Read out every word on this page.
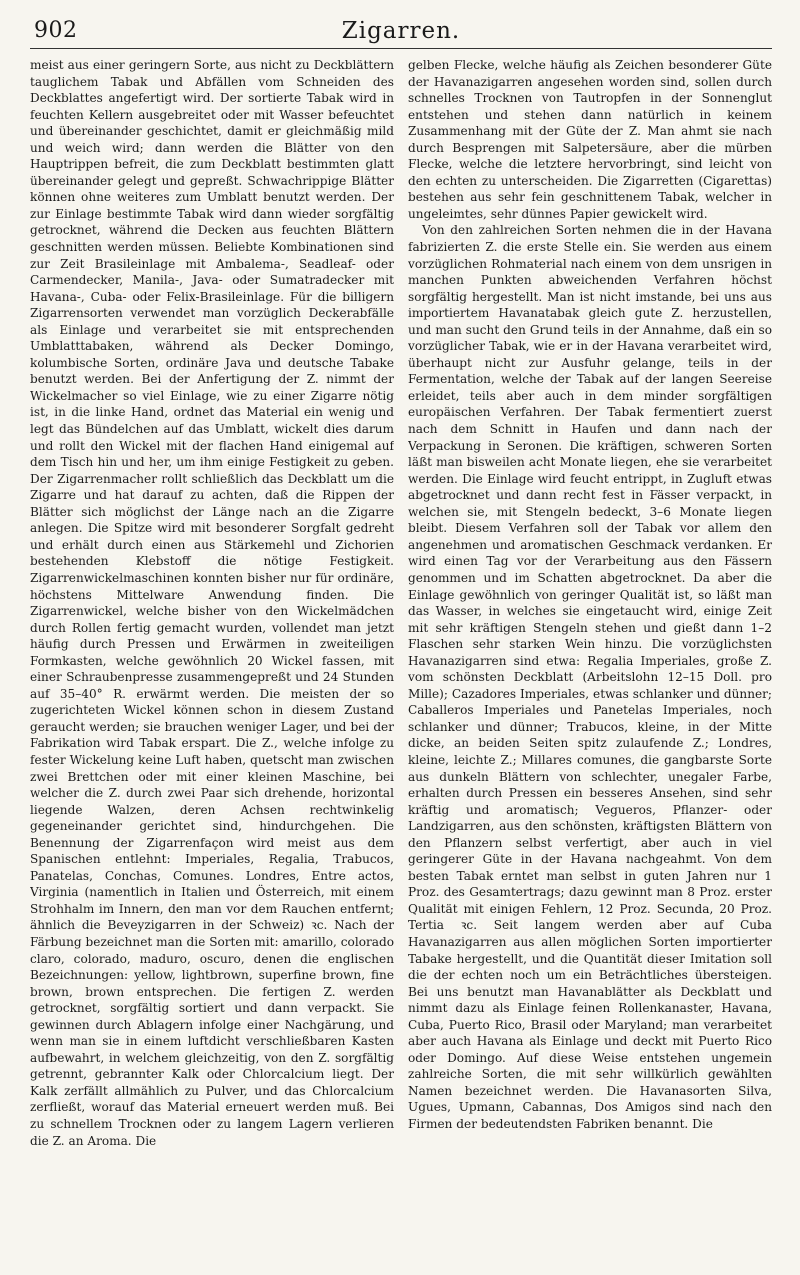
902	Zigarren.

meist aus einer geringern Sorte, aus nicht zu Deckblättern tauglichem Tabak und Abfällen vom Schneiden des Deckblattes angefertigt wird. Der sortierte Tabak wird in feuchten Kellern ausgebreitet oder mit Wasser befeuchtet und übereinander geschichtet, damit er gleichmäßig mild und weich wird; dann werden die Blätter von den Hauptrippen befreit, die zum Deckblatt bestimmten glatt übereinander gelegt und gepreßt. Schwachrippige Blätter können ohne weiteres zum Umblatt benutzt werden. Der zur Einlage bestimmte Tabak wird dann wieder sorgfältig getrocknet, während die Decken aus feuchten Blättern geschnitten werden müssen. Beliebte Kombinationen sind zur Zeit Brasileinlage mit Ambalema-, Seadleaf- oder Carmendecker, Manila-, Java- oder Sumatradecker mit Havana-, Cuba- oder Felix-Brasileinlage. Für die billigern Zigarrensorten verwendet man vorzüglich Deckerabfälle als Einlage und verarbeitet sie mit entsprechenden Umblatttabaken, während als Decker Domingo, kolumbische Sorten, ordinäre Java und deutsche Tabake benutzt werden. Bei der Anfertigung der Z. nimmt der Wickelmacher so viel Einlage, wie zu einer Zigarre nötig ist, in die linke Hand, ordnet das Material ein wenig und legt das Bündelchen auf das Umblatt, wickelt dies darum und rollt den Wickel mit der flachen Hand einigemal auf dem Tisch hin und her, um ihm einige Festigkeit zu geben. Der Zigarrenmacher rollt schließlich das Deckblatt um die Zigarre und hat darauf zu achten, daß die Rippen der Blätter sich möglichst der Länge nach an die Zigarre anlegen. Die Spitze wird mit besonderer Sorgfalt gedreht und erhält durch einen aus Stärkemehl und Zichorien bestehenden Klebstoff die nötige Festigkeit. Zigarrenwickelmaschinen konnten bisher nur für ordinäre, höchstens Mittelware Anwendung finden. Die Zigarrenwickel, welche bisher von den Wickelmädchen durch Rollen fertig gemacht wurden, vollendet man jetzt häufig durch Pressen und Erwärmen in zweiteiligen Formkasten, welche gewöhnlich 20 Wickel fassen, mit einer Schraubenpresse zusammengepreßt und 24 Stunden auf 35–40° R. erwärmt werden. Die meisten der so zugerichteten Wickel können schon in diesem Zustand geraucht werden; sie brauchen weniger Lager, und bei der Fabrikation wird Tabak erspart. Die Z., welche infolge zu fester Wickelung keine Luft haben, quetscht man zwischen zwei Brettchen oder mit einer kleinen Maschine, bei welcher die Z. durch zwei Paar sich drehende, horizontal liegende Walzen, deren Achsen rechtwinkelig gegeneinander gerichtet sind, hindurchgehen. Die Benennung der Zigarrenfaçon wird meist aus dem Spanischen entlehnt: Imperiales, Regalia, Trabucos, Panatelas, Conchas, Comunes. Londres, Entre actos, Virginia (namentlich in Italien und Österreich, mit einem Strohhalm im Innern, den man vor dem Rauchen entfernt; ähnlich die Beveyzigarren in der Schweiz) ꝛc. Nach der Färbung bezeichnet man die Sorten mit: amarillo, colorado claro, colorado, maduro, oscuro, denen die englischen Bezeichnungen: yellow, lightbrown, superfine brown, fine brown, brown entsprechen. Die fertigen Z. werden getrocknet, sorgfältig sortiert und dann verpackt. Sie gewinnen durch Ablagern infolge einer Nachgärung, und wenn man sie in einem luftdicht verschließbaren Kasten aufbewahrt, in welchem gleichzeitig, von den Z. sorgfältig getrennt, gebrannter Kalk oder Chlorcalcium liegt. Der Kalk zerfällt allmählich zu Pulver, und das Chlorcalcium zerfließt, worauf das Material erneuert werden muß. Bei zu schnellem Trocknen oder zu langem Lagern verlieren die Z. an Aroma. Die

gelben Flecke, welche häufig als Zeichen besonderer Güte der Havanazigarren angesehen worden sind, sollen durch schnelles Trocknen von Tautropfen in der Sonnenglut entstehen und stehen dann natürlich in keinem Zusammenhang mit der Güte der Z. Man ahmt sie nach durch Besprengen mit Salpetersäure, aber die mürben Flecke, welche die letztere hervorbringt, sind leicht von den echten zu unterscheiden. Die Zigarretten (Cigarettas) bestehen aus sehr fein geschnittenem Tabak, welcher in ungeleimtes, sehr dünnes Papier gewickelt wird.

Von den zahlreichen Sorten nehmen die in der Havana fabrizierten Z. die erste Stelle ein. Sie werden aus einem vorzüglichen Rohmaterial nach einem von dem unsrigen in manchen Punkten abweichenden Verfahren höchst sorgfältig hergestellt. Man ist nicht imstande, bei uns aus importiertem Havanatabak gleich gute Z. herzustellen, und man sucht den Grund teils in der Annahme, daß ein so vorzüglicher Tabak, wie er in der Havana verarbeitet wird, überhaupt nicht zur Ausfuhr gelange, teils in der Fermentation, welche der Tabak auf der langen Seereise erleidet, teils aber auch in dem minder sorgfältigen europäischen Verfahren. Der Tabak fermentiert zuerst nach dem Schnitt in Haufen und dann nach der Verpackung in Seronen. Die kräftigen, schweren Sorten läßt man bisweilen acht Monate liegen, ehe sie verarbeitet werden. Die Einlage wird feucht entrippt, in Zugluft etwas abgetrocknet und dann recht fest in Fässer verpackt, in welchen sie, mit Stengeln bedeckt, 3–6 Monate liegen bleibt. Diesem Verfahren soll der Tabak vor allem den angenehmen und aromatischen Geschmack verdanken. Er wird einen Tag vor der Verarbeitung aus den Fässern genommen und im Schatten abgetrocknet. Da aber die Einlage gewöhnlich von geringer Qualität ist, so läßt man das Wasser, in welches sie eingetaucht wird, einige Zeit mit sehr kräftigen Stengeln stehen und gießt dann 1–2 Flaschen sehr starken Wein hinzu. Die vorzüglichsten Havanazigarren sind etwa: Regalia Imperiales, große Z. vom schönsten Deckblatt (Arbeitslohn 12–15 Doll. pro Mille); Cazadores Imperiales, etwas schlanker und dünner; Caballeros Imperiales und Panetelas Imperiales, noch schlanker und dünner; Trabucos, kleine, in der Mitte dicke, an beiden Seiten spitz zulaufende Z.; Londres, kleine, leichte Z.; Millares comunes, die gangbarste Sorte aus dunkeln Blättern von schlechter, unegaler Farbe, erhalten durch Pressen ein besseres Ansehen, sind sehr kräftig und aromatisch; Vegueros, Pflanzer- oder Landzigarren, aus den schönsten, kräftigsten Blättern von den Pflanzern selbst verfertigt, aber auch in viel geringerer Güte in der Havana nachgeahmt. Von dem besten Tabak erntet man selbst in guten Jahren nur 1 Proz. des Gesamtertrags; dazu gewinnt man 8 Proz. erster Qualität mit einigen Fehlern, 12 Proz. Secunda, 20 Proz. Tertia ꝛc. Seit langem werden aber auf Cuba Havanazigarren aus allen möglichen Sorten importierter Tabake hergestellt, und die Quantität dieser Imitation soll die der echten noch um ein Beträchtliches übersteigen. Bei uns benutzt man Havanablätter als Deckblatt und nimmt dazu als Einlage feinen Rollenkanaster, Havana, Cuba, Puerto Rico, Brasil oder Maryland; man verarbeitet aber auch Havana als Einlage und deckt mit Puerto Rico oder Domingo. Auf diese Weise entstehen ungemein zahlreiche Sorten, die mit sehr willkürlich gewählten Namen bezeichnet werden. Die Havanasorten Silva, Ugues, Upmann, Cabannas, Dos Amigos sind nach den Firmen der bedeutendsten Fabriken benannt. Die
